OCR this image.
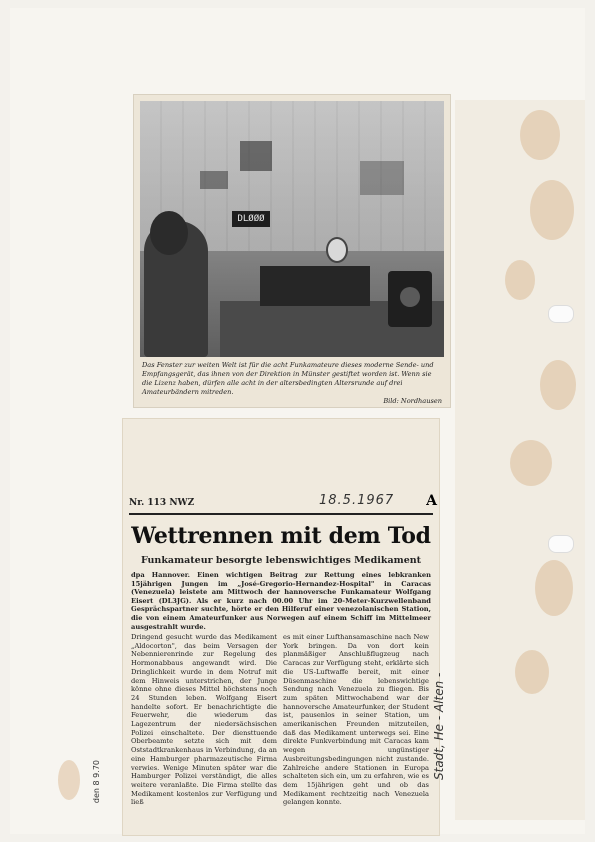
DLØØØ
Das Fenster zur weiten Welt ist für die acht Funkamateure dieses moderne Sende- und Empfangsgerät, das ihnen von der Direktion in Münster gestiftet worden ist. Wenn sie die Lizenz haben, dürfen alle acht in der altersbedingten Altersrunde auf drei Amateurbändern mitreden.
Bild: Nordhausen
Nr. 113 NWZ	18.5.1967 A
Wettrennen mit dem Tod
Funkamateur besorgte lebenswichtiges Medikament
dpa Hannover. Einen wichtigen Beitrag zur Rettung eines lebkranken 15jährigen Jungen im „José-Gregorio-Hernandez-Hospital" in Caracas (Venezuela) leistete am Mittwoch der hannoversche Funkamateur Wolfgang Eisert (DL3JG). Als er kurz nach 00.00 Uhr im 20-Meter-Kurzwellenband Gesprächspartner suchte, hörte er den Hilferuf einer venezolanischen Station, die von einem Amateurfunker aus Norwegen auf einem Schiff im Mittelmeer ausgestrahlt wurde.

Dringend gesucht wurde das Medikament „Aldocorton", das beim Versagen der Nebennierenrinde zur Regelung des Hormonabbaus angewandt wird. Die Dringlichkeit wurde in dem Notruf mit dem Hinweis unterstrichen, der Junge könne ohne dieses Mittel höchstens noch 24 Stunden leben. Wolfgang Eisert handelte sofort. Er benachrichtigte die Feuerwehr, die wiederum das Lagezentrum der niedersächsischen Polizei einschaltete. Der diensttuende Oberbeamte setzte sich mit dem Oststadtkrankenhaus in Verbindung, da an eine Hamburger pharmazeutische Firma verwies. Wenige Minuten später war die Hamburger Polizei verständigt, die alles weitere veranlaßte. Die Firma stellte das Medikament kostenlos zur Verfügung und ließ

es mit einer Lufthansamaschine nach New York bringen. Da von dort kein planmäßiger Anschlußflugzeug nach Caracas zur Verfügung steht, erklärte sich die US-Luftwaffe bereit, mit einer Düsenmaschine die lebenswichtige Sendung nach Venezuela zu fliegen. Bis zum späten Mittwochabend war der hannoversche Amateurfunker, der Student ist, pausenlos in seiner Station, um amerikanischen Freunden mitzuteilen, daß das Medikament unterwegs sei. Eine direkte Funkverbindung mit Caracas kam wegen ungünstiger Ausbreitungsbedingungen nicht zustande. Zahlreiche andere Stationen in Europa schalteten sich ein, um zu erfahren, wie es dem 15jährigen geht und ob das Medikament rechtzeitig nach Venezuela gelangen konnte.

den 8 9.70
Stadt, He - Alten -
